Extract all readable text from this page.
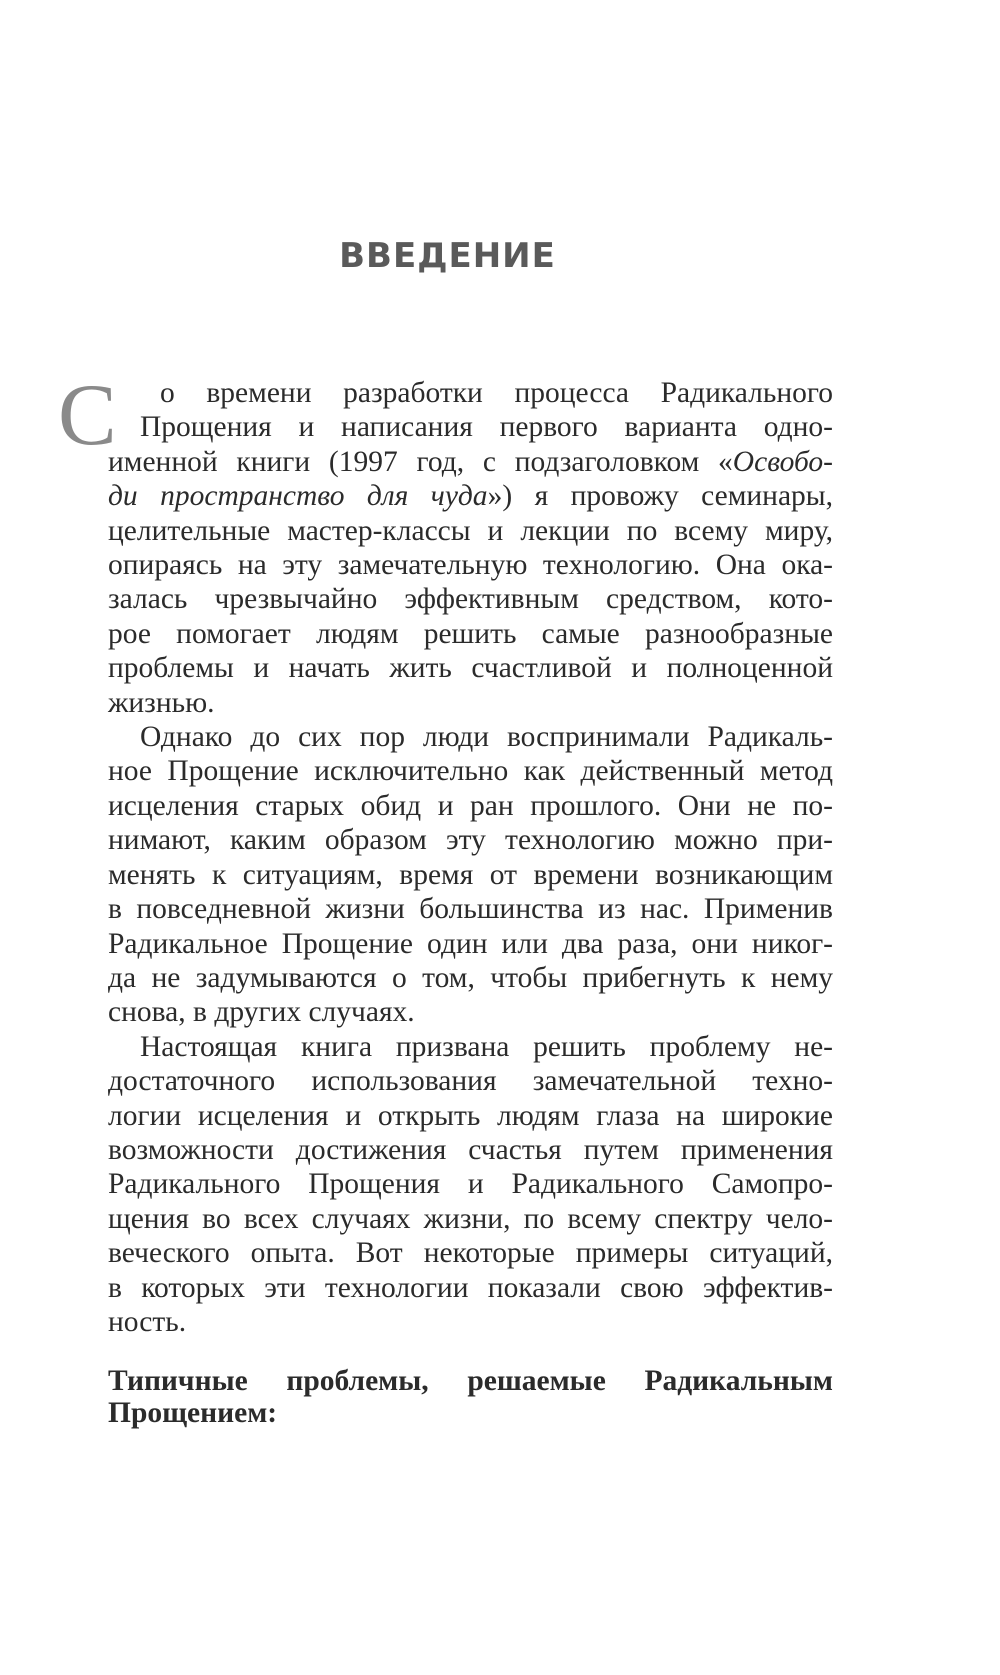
ВВЕДЕНИЕ
С	о времени разработки процесса Радикального
Прощения и написания первого варианта одно-
именной книги (1997 год, с подзаголовком «Освобо-
ди пространство для чуда») я провожу семинары,
целительные мастер-классы и лекции по всему миру,
опираясь на эту замечательную технологию. Она ока-
залась чрезвычайно эффективным средством, кото-
рое помогает людям решить самые разнообразные
проблемы и начать жить счастливой и полноценной
жизнью.
Однако до сих пор люди воспринимали Радикаль-
ное Прощение исключительно как действенный метод
исцеления старых обид и ран прошлого. Они не по-
нимают, каким образом эту технологию можно при-
менять к ситуациям, время от времени возникающим
в повседневной жизни большинства из нас. Применив
Радикальное Прощение один или два раза, они никог-
да не задумываются о том, чтобы прибегнуть к нему
снова, в других случаях.
Настоящая книга призвана решить проблему не-
достаточного использования замечательной техно-
логии исцеления и открыть людям глаза на широкие
возможности достижения счастья путем применения
Радикального Прощения и Радикального Самопро-
щения во всех случаях жизни, по всему спектру чело-
веческого опыта. Вот некоторые примеры ситуаций,
в которых эти технологии показали свою эффектив-
ность.
Типичные проблемы, решаемые Радикальным
Прощением:
